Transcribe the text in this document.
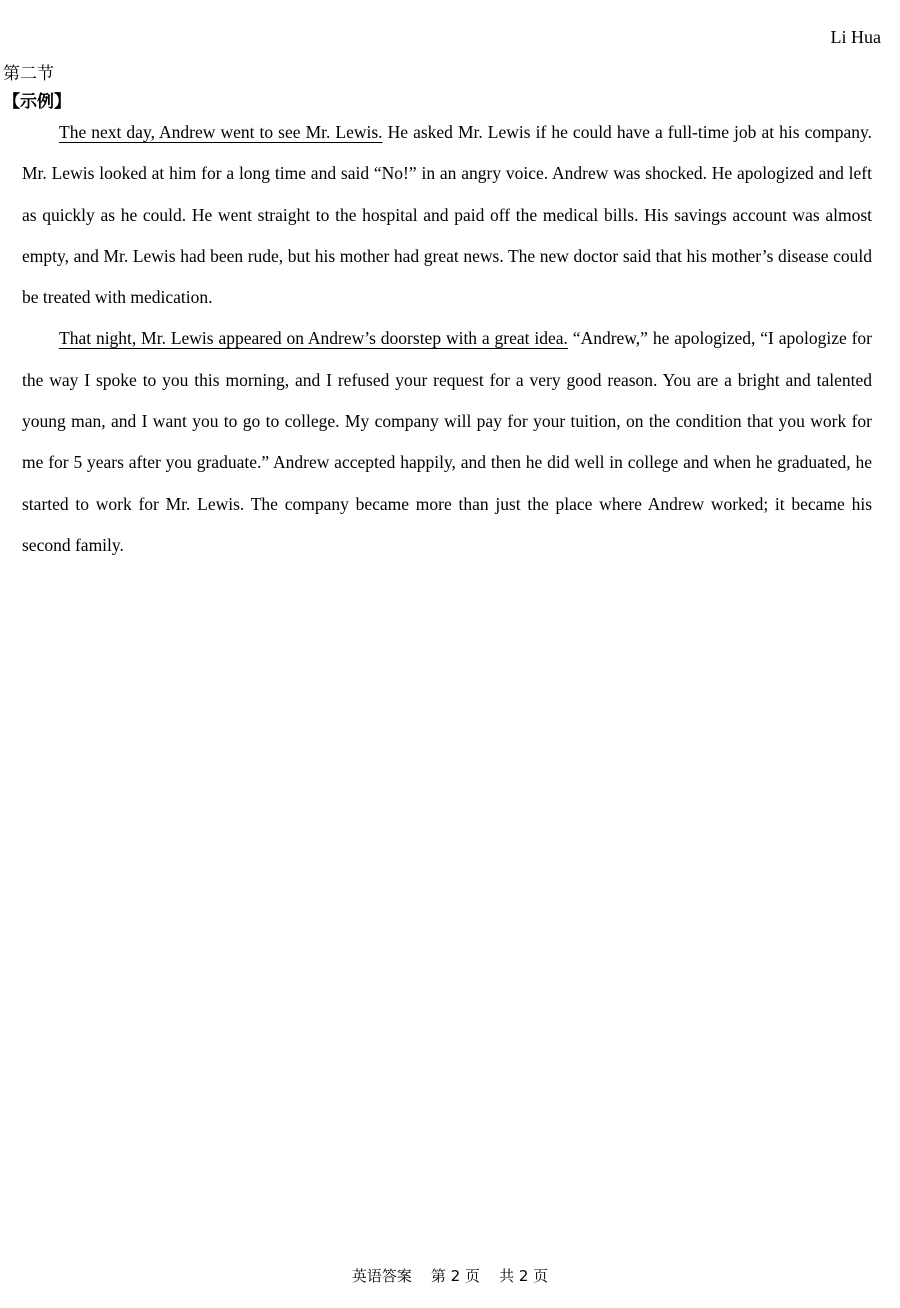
Li Hua
第二节
【示例】

The next day, Andrew went to see Mr. Lewis. He asked Mr. Lewis if he could have a full-time job at his company. Mr. Lewis looked at him for a long time and said “No!” in an angry voice. Andrew was shocked. He apologized and left as quickly as he could. He went straight to the hospital and paid off the medical bills. His savings account was almost empty, and Mr. Lewis had been rude, but his mother had great news. The new doctor said that his mother’s disease could be treated with medication.

That night, Mr. Lewis appeared on Andrew’s doorstep with a great idea. “Andrew,” he apologized, “I apologize for the way I spoke to you this morning, and I refused your request for a very good reason. You are a bright and talented young man, and I want you to go to college. My company will pay for your tuition, on the condition that you work for me for 5 years after you graduate.” Andrew accepted happily, and then he did well in college and when he graduated, he started to work for Mr. Lewis. The company became more than just the place where Andrew worked; it became his second family.

英语答案    第 2 页    共 2 页
